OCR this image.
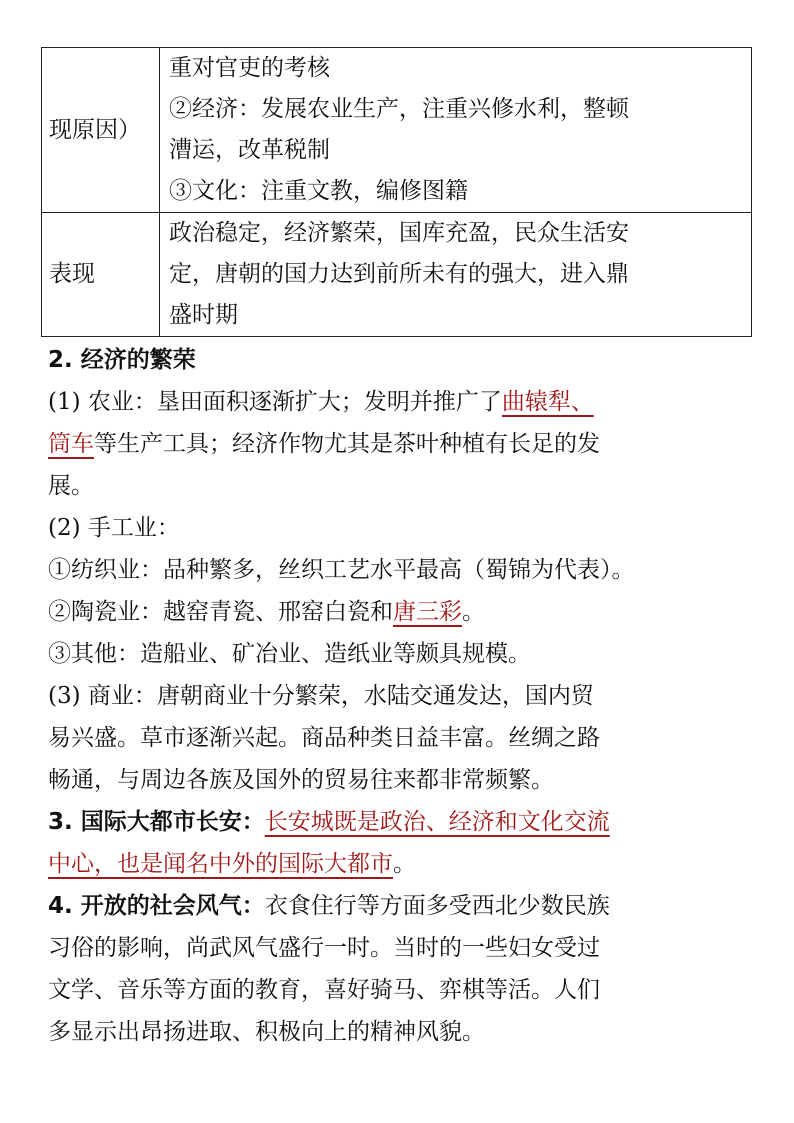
现原因）	重对官吏的考核
②经济：发展农业生产，注重兴修水利，整顿
漕运，改革税制
③文化：注重文教，编修图籍

表现	政治稳定，经济繁荣，国库充盈，民众生活安
定，唐朝的国力达到前所未有的强大，进入鼎
盛时期

2. 经济的繁荣

(1) 农业：垦田面积逐渐扩大；发明并推广了曲辕犁、
筒车等生产工具；经济作物尤其是茶叶种植有长足的发
展。

(2) 手工业：

①纺织业：品种繁多，丝织工艺水平最高（蜀锦为代表）。

②陶瓷业：越窑青瓷、邢窑白瓷和唐三彩。

③其他：造船业、矿冶业、造纸业等颇具规模。

(3) 商业：唐朝商业十分繁荣，水陆交通发达，国内贸
易兴盛。草市逐渐兴起。商品种类日益丰富。丝绸之路
畅通，与周边各族及国外的贸易往来都非常频繁。

3. 国际大都市长安：长安城既是政治、经济和文化交流
中心，也是闻名中外的国际大都市。

4. 开放的社会风气：衣食住行等方面多受西北少数民族
习俗的影响，尚武风气盛行一时。当时的一些妇女受过
文学、音乐等方面的教育，喜好骑马、弈棋等活。人们
多显示出昂扬进取、积极向上的精神风貌。
